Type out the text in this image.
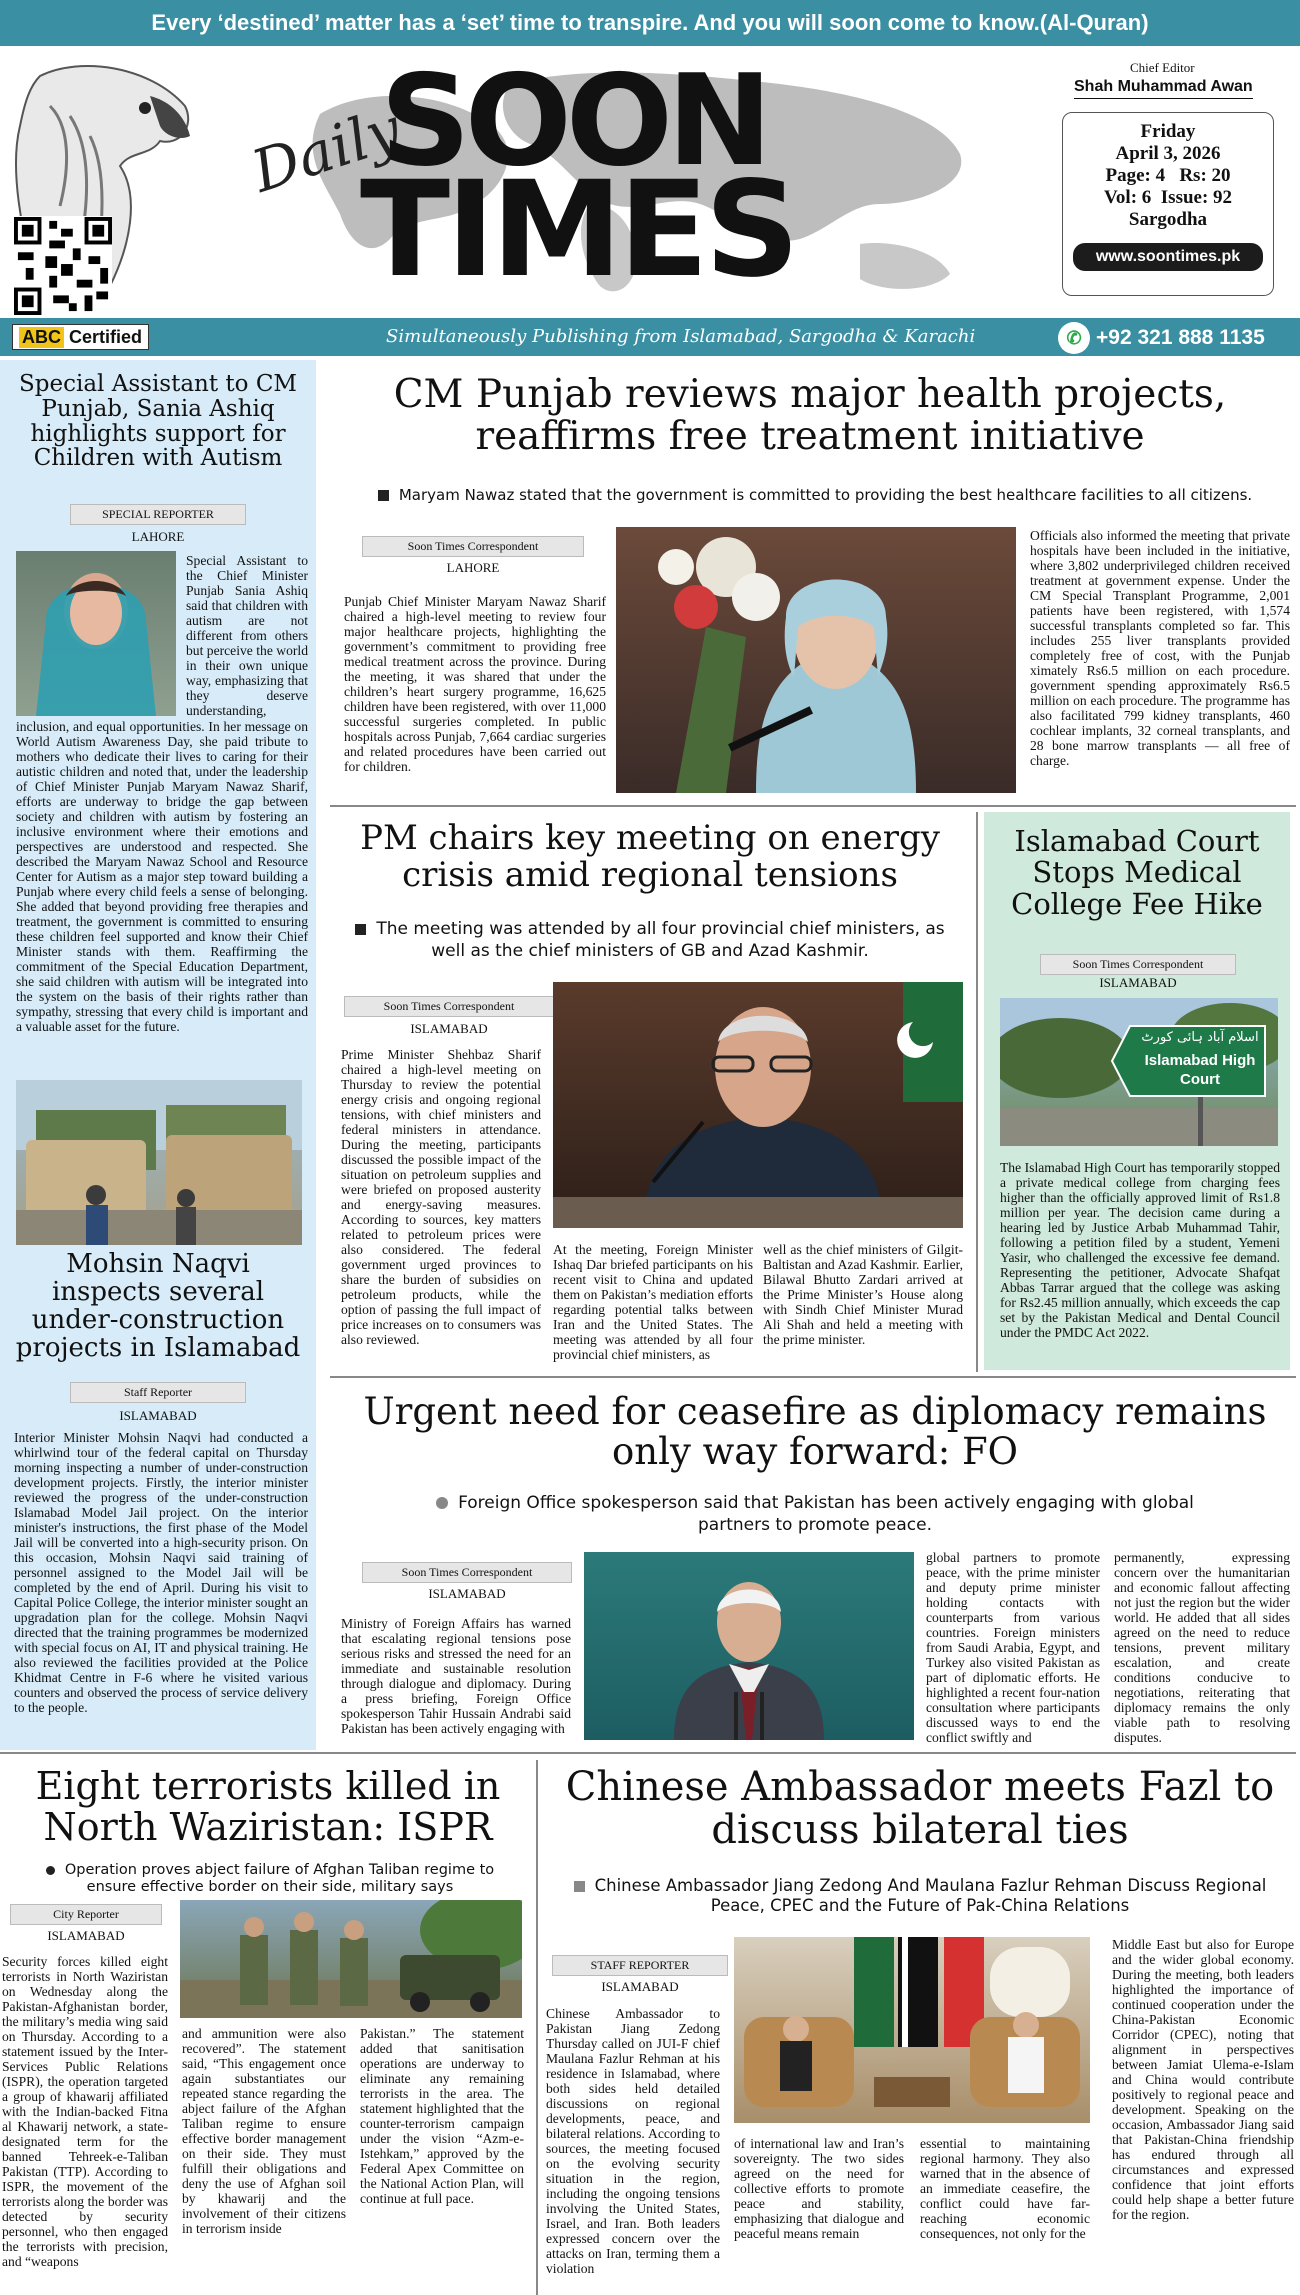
Every ‘destined’ matter has a ‘set’ time to transpire. And you will soon come to know.(Al-Quran)
Daily
SOON
TIMES
Chief Editor
Shah Muhammad Awan
Friday
April 3, 2026
Page: 4   Rs: 20
Vol: 6  Issue: 92
Sargodha
www.soontimes.pk
ABC Certified	Simultaneously Publishing from Islamabad, Sargodha & Karachi	✆ +92 321 888 1135
Special Assistant to CM Punjab, Sania Ashiq highlights support for Children with Autism
SPECIAL REPORTER
LAHORE
Special Assistant to the Chief Minister Punjab Sania Ashiq said that children with autism are not different from others but perceive the world in their own unique way, emphasizing that they deserve understanding,
inclusion, and equal opportunities. In her message on World Autism Awareness Day, she paid tribute to mothers who dedicate their lives to caring for their autistic children and noted that, under the leadership of Chief Minister Punjab Maryam Nawaz Sharif, efforts are underway to bridge the gap between society and children with autism by fostering an inclusive environment where their emotions and perspectives are understood and respected. She described the Maryam Nawaz School and Resource Center for Autism as a major step toward building a Punjab where every child feels a sense of belonging. She added that beyond providing free therapies and treatment, the government is committed to ensuring these children feel supported and know their Chief Minister stands with them. Reaffirming the commitment of the Special Education Department, she said children with autism will be integrated into the system on the basis of their rights rather than sympathy, stressing that every child is important and a valuable asset for the future.
Mohsin Naqvi inspects several under-construction projects in Islamabad
Staff Reporter
ISLAMABAD
Interior Minister Mohsin Naqvi had conducted a whirlwind tour of the federal capital on Thursday morning inspecting a number of under-construction development projects. Firstly, the interior minister reviewed the progress of the under-construction Islamabad Model Jail project. On the interior minister's instructions, the first phase of the Model Jail will be converted into a high-security prison. On this occasion, Mohsin Naqvi said training of personnel assigned to the Model Jail will be completed by the end of April. During his visit to Capital Police College, the interior minister sought an upgradation plan for the college. Mohsin Naqvi directed that the training programmes be modernized with special focus on AI, IT and physical training. He also reviewed the facilities provided at the Police Khidmat Centre in F-6 where he visited various counters and observed the process of service delivery to the people.
CM Punjab reviews major health projects, reaffirms free treatment initiative
Maryam Nawaz stated that the government is committed to providing the best healthcare facilities to all citizens.
Soon Times Correspondent
LAHORE
Punjab Chief Minister Maryam Nawaz Sharif chaired a high-level meeting to review four major healthcare projects, highlighting the government’s commitment to providing free medical treatment across the province. During the meeting, it was shared that under the children’s heart surgery programme, 16,625 children have been registered, with over 11,000 successful surgeries completed. In public hospitals across Punjab, 7,664 cardiac surgeries and related procedures have been carried out for children.
Officials also informed the meeting that private hospitals have been included in the initiative, where 3,802 underprivileged children received treatment at government expense. Under the CM Special Transplant Programme, 2,001 patients have been registered, with 1,574 successful transplants completed so far. This includes 255 liver transplants provided completely free of cost, with the Punjab ximately Rs6.5 million on each procedure. government spending approximately Rs6.5 million on each procedure. The programme has also facilitated 799 kidney transplants, 460 cochlear implants, 32 corneal transplants, and 28 bone marrow transplants — all free of charge.
PM chairs key meeting on energy crisis amid regional tensions
The meeting was attended by all four provincial chief ministers, as well as the chief ministers of GB and Azad Kashmir.
Soon Times Correspondent
ISLAMABAD
Prime Minister Shehbaz Sharif chaired a high-level meeting on Thursday to review the potential energy crisis and ongoing regional tensions, with chief ministers and federal ministers in attendance. During the meeting, participants discussed the possible impact of the situation on petroleum supplies and were briefed on proposed austerity and energy-saving measures. According to sources, key matters related to petroleum prices were also considered. The federal government urged provinces to share the burden of subsidies on petroleum products, while the option of passing the full impact of price increases on to consumers was also reviewed.
At the meeting, Foreign Minister Ishaq Dar briefed participants on his recent visit to China and updated them on Pakistan’s mediation efforts regarding potential talks between Iran and the United States. The meeting was attended by all four provincial chief ministers, as
well as the chief ministers of Gilgit-Baltistan and Azad Kashmir. Earlier, Bilawal Bhutto Zardari arrived at the Prime Minister’s House along with Sindh Chief Minister Murad Ali Shah and held a meeting with the prime minister.
Islamabad Court Stops Medical College Fee Hike
Soon Times Correspondent
ISLAMABAD
اسلام آباد ہائی کورٹ
Islamabad High
Court
The Islamabad High Court has temporarily stopped a private medical college from charging fees higher than the officially approved limit of Rs1.8 million per year. The decision came during a hearing led by Justice Arbab Muhammad Tahir, following a petition filed by a student, Yemeni Yasir, who challenged the excessive fee demand. Representing the petitioner, Advocate Shafqat Abbas Tarrar argued that the college was asking for Rs2.45 million annually, which exceeds the cap set by the Pakistan Medical and Dental Council under the PMDC Act 2022.
Urgent need for ceasefire as diplomacy remains only way forward: FO
Foreign Office spokesperson said that Pakistan has been actively engaging with global partners to promote peace.
Soon Times Correspondent
ISLAMABAD
Ministry of Foreign Affairs has warned that escalating regional tensions pose serious risks and stressed the need for an immediate and sustainable resolution through dialogue and diplomacy. During a press briefing, Foreign Office spokesperson Tahir Hussain Andrabi said Pakistan has been actively engaging with
global partners to promote peace, with the prime minister and deputy prime minister holding contacts with counterparts from various countries. Foreign ministers from Saudi Arabia, Egypt, and Turkey also visited Pakistan as part of diplomatic efforts. He highlighted a recent four-nation consultation where participants discussed ways to end the conflict swiftly and
permanently, expressing concern over the humanitarian and economic fallout affecting not just the region but the wider world. He added that all sides agreed on the need to reduce tensions, prevent military escalation, and create conditions conducive to negotiations, reiterating that diplomacy remains the only viable path to resolving disputes.
Eight terrorists killed in North Waziristan: ISPR
Operation proves abject failure of Afghan Taliban regime to ensure effective border on their side, military says
City Reporter
ISLAMABAD
Security forces killed eight terrorists in North Waziristan on Wednesday along the Pakistan-Afghanistan border, the military’s media wing said on Thursday. According to a statement issued by the Inter-Services Public Relations (ISPR), the operation targeted a group of khawarij affiliated with the Indian-backed Fitna al Khawarij network, a state-designated term for the banned Tehreek-e-Taliban Pakistan (TTP). According to ISPR, the movement of the terrorists along the border was detected by security personnel, who then engaged the terrorists with precision, and “weapons
and ammunition were also recovered”. The statement said, “This engagement once again substantiates our repeated stance regarding the abject failure of the Afghan Taliban regime to ensure effective border management on their side. They must fulfill their obligations and deny the use of Afghan soil by khawarij and the involvement of their citizens in terrorism inside
Pakistan.” The statement added that sanitisation operations are underway to eliminate any remaining terrorists in the area. The statement highlighted that the counter-terrorism campaign under the vision “Azm-e-Istehkam,” approved by the Federal Apex Committee on the National Action Plan, will continue at full pace.
Chinese Ambassador meets Fazl to discuss bilateral ties
Chinese Ambassador Jiang Zedong And Maulana Fazlur Rehman Discuss Regional Peace, CPEC and the Future of Pak-China Relations
STAFF REPORTER
ISLAMABAD
Chinese Ambassador to Pakistan Jiang Zedong Thursday called on JUI-F chief Maulana Fazlur Rehman at his residence in Islamabad, where both sides held detailed discussions on regional developments, peace, and bilateral relations. According to sources, the meeting focused on the evolving security situation in the region, including the ongoing tensions involving the United States, Israel, and Iran. Both leaders expressed concern over the attacks on Iran, terming them a violation
of international law and Iran’s sovereignty. The two sides agreed on the need for collective efforts to promote peace and stability, emphasizing that dialogue and peaceful means remain
essential to maintaining regional harmony. They also warned that in the absence of an immediate ceasefire, the conflict could have far-reaching economic consequences, not only for the
Middle East but also for Europe and the wider global economy. During the meeting, both leaders highlighted the importance of continued cooperation under the China-Pakistan Economic Corridor (CPEC), noting that alignment in perspectives between Jamiat Ulema-e-Islam and China would contribute positively to regional peace and development. Speaking on the occasion, Ambassador Jiang said that Pakistan-China friendship has endured through all circumstances and expressed confidence that joint efforts could help shape a better future for the region.
